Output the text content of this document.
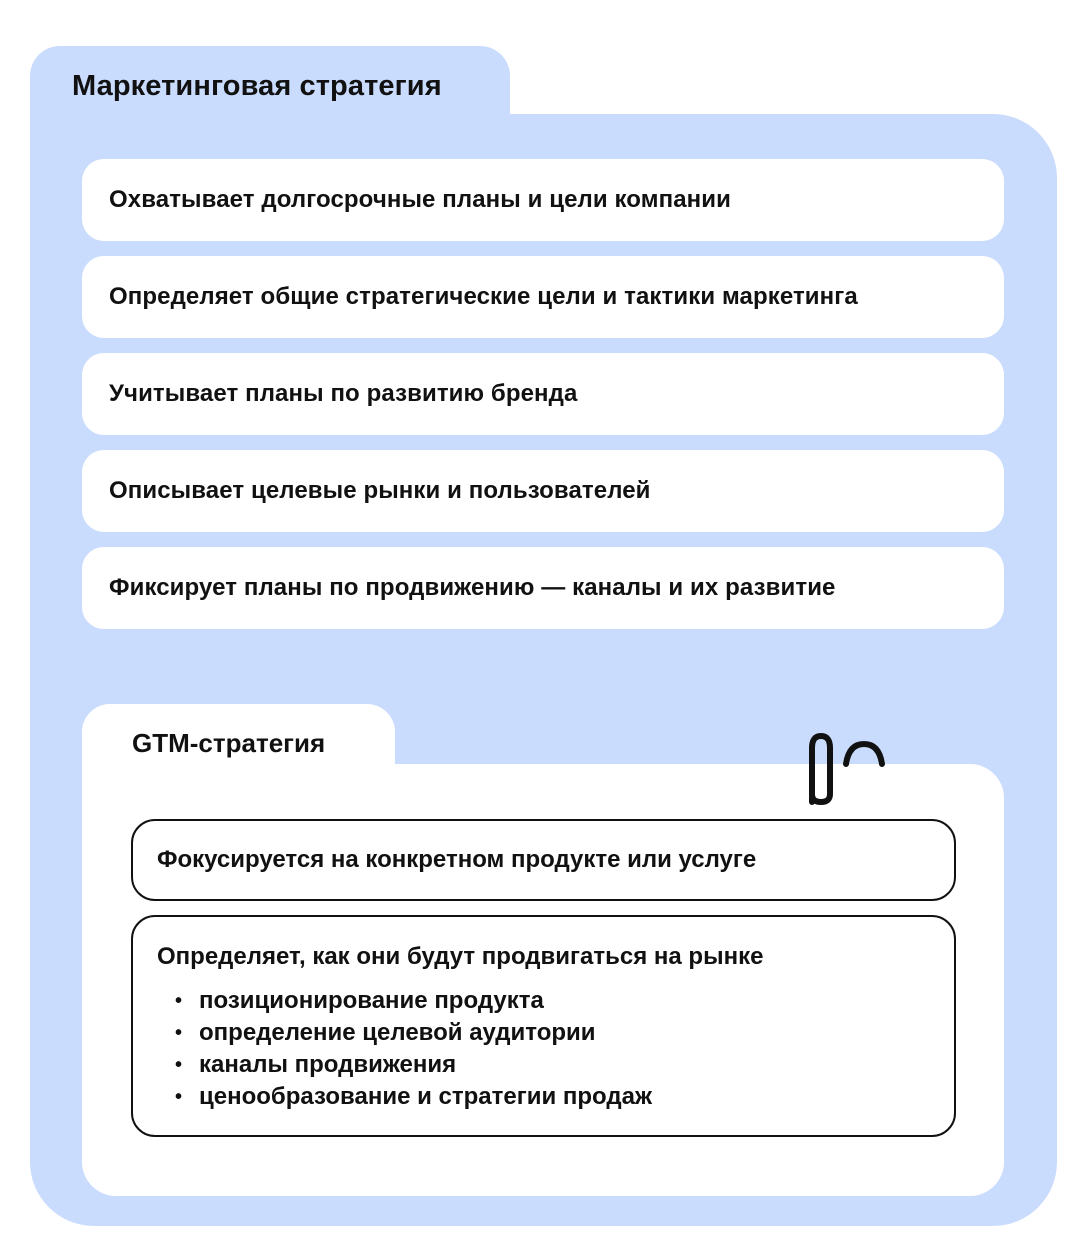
Маркетинговая стратегия
Охватывает долгосрочные планы и цели компании
Определяет общие стратегические цели и тактики маркетинга
Учитывает планы по развитию бренда
Описывает целевые рынки и пользователей
Фиксирует планы по продвижению — каналы и их развитие
GTM-стратегия
Фокусируется на конкретном продукте или услуге
Определяет, как они будут продвигаться на рынке
• позиционирование продукта
• определение целевой аудитории
• каналы продвижения
• ценообразование и стратегии продаж
